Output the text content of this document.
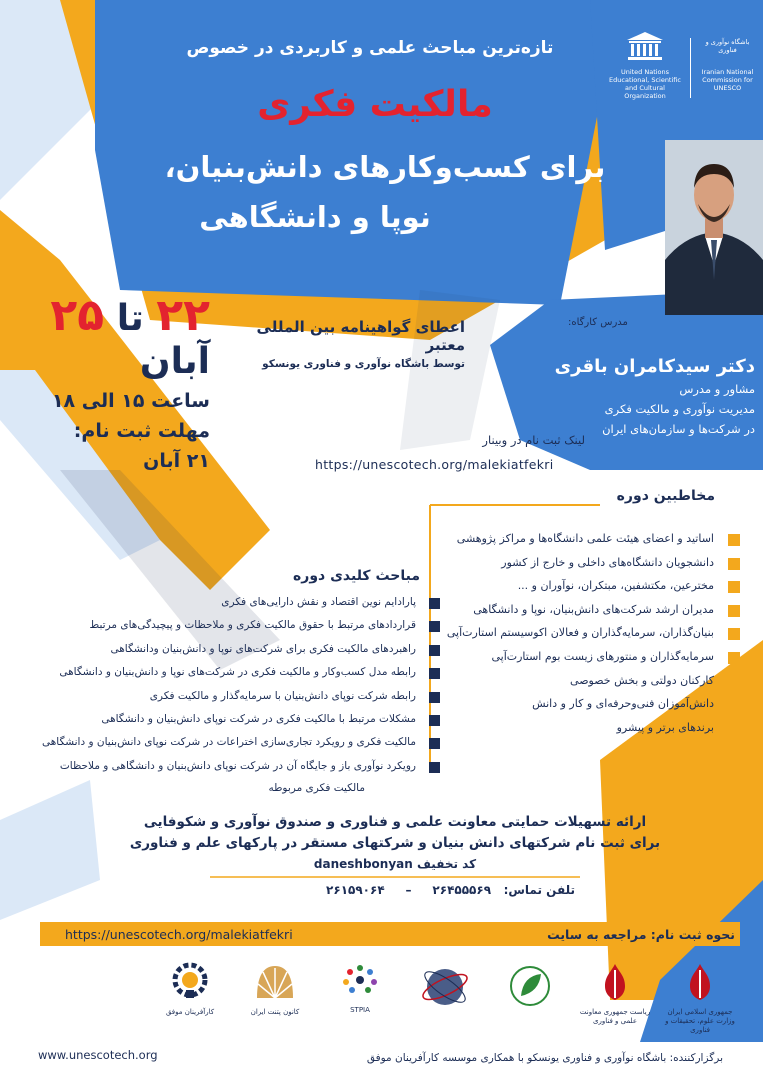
United Nations Educational, Scientific and Cultural Organization
باشگاه نوآوری و فناوری
Iranian National Commission for UNESCO
تازه‌ترین مباحث علمی و کاربردی در خصوص
مالکیت فکری
برای کسب‌وکارهای دانش‌بنیان،
نوپا و دانشگاهی
۲۲ تا ۲۵ آبان
ساعت ۱۵ الی ۱۸
مهلت ثبت نام:
۲۱ آبان
اعطای گواهینامه بین المللی معتبر
توسط باشگاه نوآوری و فناوری یونسکو
مدرس کارگاه:
دکتر سیدکامران باقری
مشاور و مدرس
مدیریت نوآوری و مالکیت فکری
در شرکت‌ها و سازمان‌های ایران
لینک ثبت نام در وبینار
https://unescotech.org/malekiatfekri
مخاطبین دوره
اساتید و اعضای هیئت علمی دانشگاه‌ها و مراکز پژوهشی
دانشجویان دانشگاه‌های داخلی و خارج از کشور
مخترعین، مکتشفین، مبتکران، نوآوران و ...
مدیران ارشد شرکت‌های دانش‌بنیان، نوپا و دانشگاهی
بنیان‌گذاران، سرمایه‌گذاران و فعالان اکوسیستم استارت‌آپی
سرمایه‌گذاران و منتورهای زیست بوم استارت‌آپی
کارکنان دولتی و بخش خصوصی
دانش‌آموزان فنی‌وحرفه‌ای و کار و دانش
برندهای برتر و پیشرو
مباحث کلیدی دوره
پارادایم نوین اقتصاد و نقش دارایی‌های فکری
قراردادهای مرتبط با حقوق مالکیت فکری و ملاحظات و پیچیدگی‌های مرتبط
راهبردهای مالکیت فکری برای شرکت‌های نوپا و دانش‌بنیان ودانشگاهی
رابطه مدل کسب‌وکار و مالکیت فکری در شرکت‌های نوپا و دانش‌بنیان و دانشگاهی
رابطه شرکت نوپای دانش‌بنیان با سرمایه‌گذار و مالکیت فکری
مشکلات مرتبط با مالکیت فکری در شرکت نوپای دانش‌بنیان و دانشگاهی
مالکیت فکری و رویکرد تجاری‌سازی اختراعات در شرکت نوپای دانش‌بنیان و دانشگاهی
رویکرد نوآوری باز و جایگاه آن در شرکت نوپای دانش‌بنیان و دانشگاهی و ملاحظات
مالکیت فکری مربوطه
ارائه تسهیلات حمایتی معاونت علمی و فناوری و صندوق نوآوری و شکوفایی
برای ثبت نام شرکتهای دانش بنیان و شرکتهای مستقر در پارکهای علم و فناوری
کد تخفیف daneshbonyan
تلفن تماس:   ۲۶۴۵۵۵۶۹     –     ۲۶۱۵۹۰۶۴
نحوه ثبت نام: مراجعه به سایت
https://unescotech.org/malekiatfekri
جمهوری اسلامی ایران وزارت علوم، تحقیقات و فناوری
ریاست جمهوری معاونت علمی و فناوری
STPIA
کانون پتنت ایران
کارآفرینان موفق
www.unescotech.org	برگزارکننده: باشگاه نوآوری و فناوری یونسکو با همکاری موسسه کارآفرینان موفق
